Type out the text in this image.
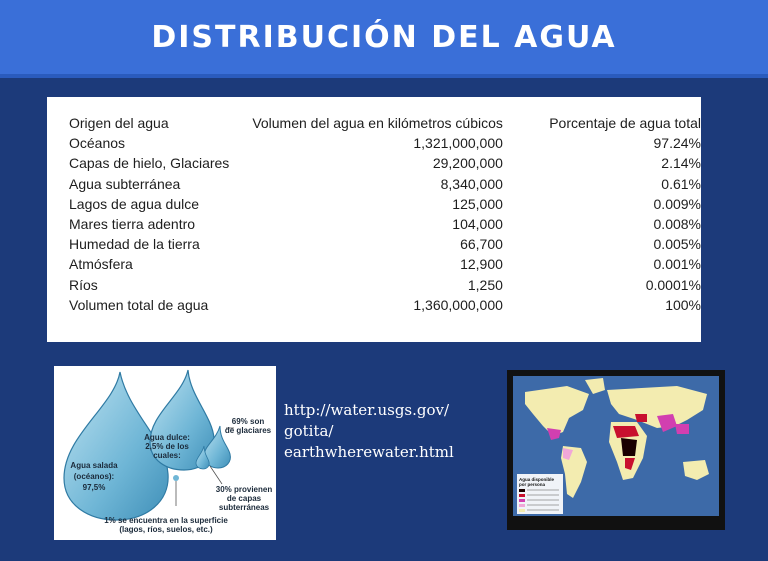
DISTRIBUCIÓN DEL AGUA
Origen del agua	Volumen del agua en kilómetros cúbicos	Porcentaje de agua total
Océanos	1,321,000,000	97.24%
Capas de hielo, Glaciares	29,200,000	2.14%
Agua subterránea	8,340,000	0.61%
Lagos de agua dulce	125,000	0.009%
Mares tierra adentro	104,000	0.008%
Humedad de la tierra	66,700	0.005%
Atmósfera	12,900	0.001%
Ríos	1,250	0.0001%
Volumen total de agua	1,360,000,000	100%
Agua salada
(océanos):
97,5%
Agua dulce:
2,5% de los
cuales:
69% son
de glaciares
30% provienen
de capas
subterráneas
1% se encuentra en la superficie
(lagos, ríos, suelos, etc.)
http://water.usgs.gov/
gotita/
earthwherewater.html
Agua disponible
por persona
